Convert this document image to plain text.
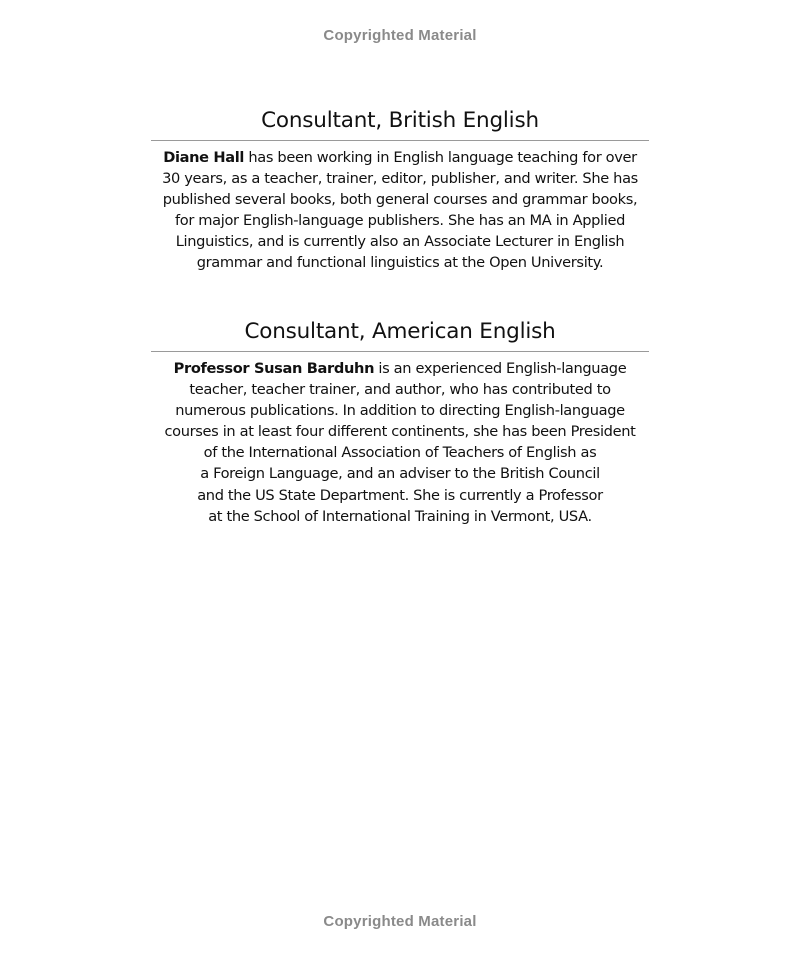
Copyrighted Material
Consultant, British English

Diane Hall has been working in English language teaching for over
30 years, as a teacher, trainer, editor, publisher, and writer. She has
published several books, both general courses and grammar books,
for major English-language publishers. She has an MA in Applied
Linguistics, and is currently also an Associate Lecturer in English
grammar and functional linguistics at the Open University.

Consultant, American English

Professor Susan Barduhn is an experienced English-language
teacher, teacher trainer, and author, who has contributed to
numerous publications. In addition to directing English-language
courses in at least four different continents, she has been President
of the International Association of Teachers of English as
a Foreign Language, and an adviser to the British Council
and the US State Department. She is currently a Professor
at the School of International Training in Vermont, USA.

Copyrighted Material
